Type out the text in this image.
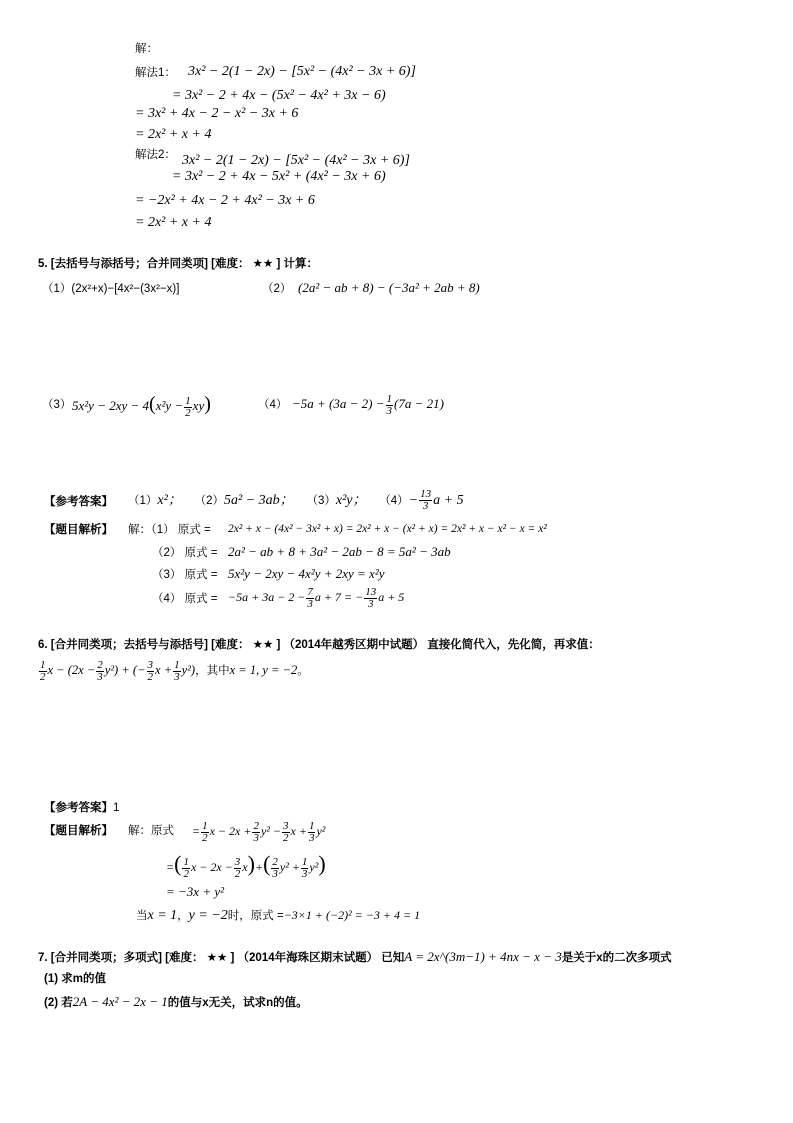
解：
解法1： 3x² − 2(1 − 2x) − [5x² − (4x² − 3x + 6)]
= 3x² − 2 + 4x − (5x² − 4x² + 3x − 6)
= 3x² + 4x − 2 − x² − 3x + 6
= 2x² + x + 4
解法2： 3x² − 2(1 − 2x) − [5x² − (4x² − 3x + 6)]
= 3x² − 2 + 4x − 5x² + (4x² − 3x + 6)
= −2x² + 4x − 2 + 4x² − 3x + 6
= 2x² + x + 4
5. [去括号与添括号；合并同类项] [难度： ★★ ] 计算：
（1）(2x²+x)−[4x²−(3x²−x)]	（2） (2a² − ab + 8) − (−3a² + 2ab + 8)
（3） $5x^2y - 2xy - 4(x^2y - \frac{1}{2} xy)$	$(4) -5a + (3a - 2) - \frac{1}{3} (7a - 21)$
【参考答案】 （1）x²； （2）5a² − 3ab； （3）x²y； $(4)- \frac{13}{3}$ a + 5
【题目解析】 解：（1） 原式 = 2x² + x − (4x² − 3x² + x) = 2x² + x − (x² + x) = 2x² + x − x² − x = x²
（2） 原式 = 2a² − ab + 8 + 3a² − 2ab − 8 = 5a² − 3ab
（3） 原式 = 5x²y − 2xy − 4x²y + 2xy = x²y
（4） 原式 = $-5a + 3a - 2 - \frac{7}{3}$ a + 7 = − $\frac{13}{3}$ a + 5
6. [合并同类项；去括号与添括号] [难度： ★★ ] （2014年越秀区期中试题） 直接化简代入，先化简，再求值：
$\frac{1}{2}$ $x - (2x - \frac{2}{3} y^2)$ + (− $\frac{3}{2}$ $x + \frac{1}{3} y^2$)，其中x = 1, y = −2。
【参考答案】1
【题目解析】 解：原式 = $\frac{1}{2}$ $x - 2x + \frac{2}{3} y^2 - \frac{3}{2}$ $x + \frac{1}{3} y^2$
=( $\frac{1}{2}$ $x - 2x - \frac{3}{2} x)+( \frac{2}{3} y^2 + \frac{1}{3} y^2)$
= −3x + y²
当x = 1，y = −2时，原式 =−3×1 + (−2)² = −3 + 4 = 1
7. [合并同类项；多项式] [难度： ★★ ] （2014年海珠区期末试题） 已知A = 2x^(3m−1) + 4nx − x − 3是关于x的二次多项式
(1) 求m的值
(2) 若2A − 4x² − 2x − 1的值与x无关，试求n的值。
